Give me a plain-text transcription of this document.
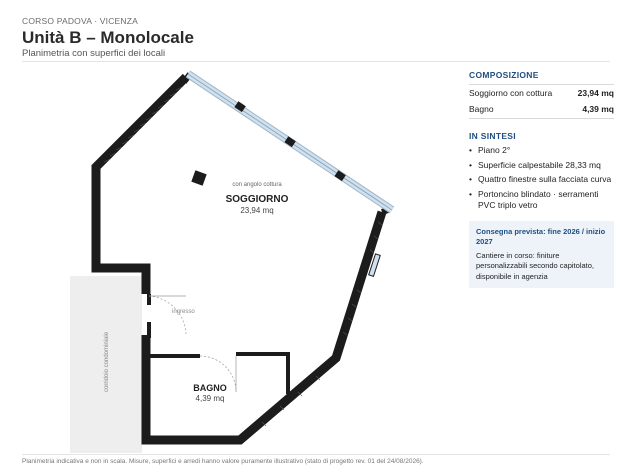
CORSO PADOVA · VICENZA
Unità B – Monolocale
Planimetria con superfici dei locali
corridoio condominiale
ingresso
con angolo cottura
SOGGIORNO
23,94 mq
BAGNO
4,39 mq
COMPOSIZIONE
Soggiorno con cottura	23,94 mq
Bagno	4,39 mq
IN SINTESI
• Piano 2°
• Superficie calpestabile 28,33 mq
• Quattro finestre sulla facciata curva
• Portoncino blindato · serramenti PVC triplo vetro
Consegna prevista: fine 2026 / inizio 2027
Cantiere in corso: finiture personalizzabili secondo capitolato, disponibile in agenzia
Planimetria indicativa e non in scala. Misure, superfici e arredi hanno valore puramente illustrativo (stato di progetto rev. 01 del 24/08/2026).
